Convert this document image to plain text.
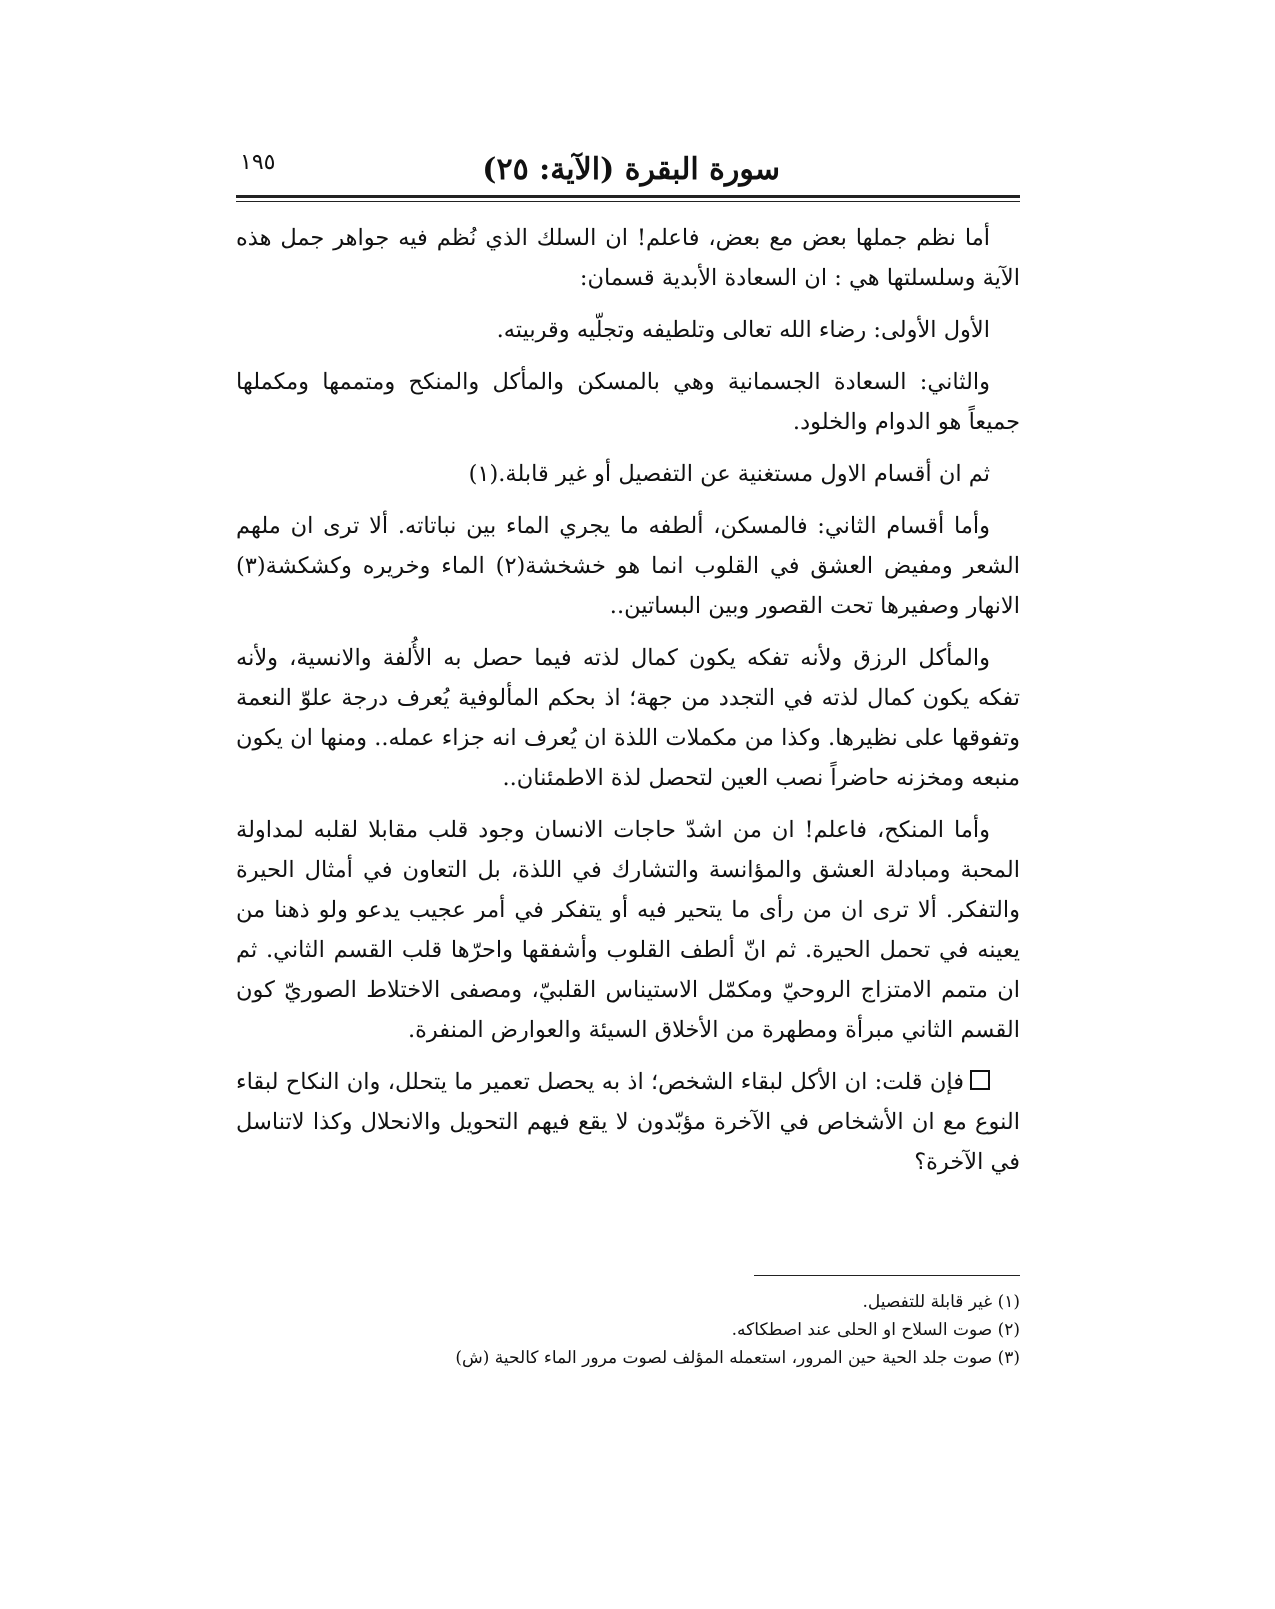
سورة البقرة (الآية: ٢٥)
١٩٥

أما نظم جملها بعض مع بعض، فاعلم! ان السلك الذي نُظم فيه جواهر جمل هذه الآية وسلسلتها هي : ان السعادة الأبدية قسمان:

الأول الأولى: رضاء الله تعالى وتلطيفه وتجلّيه وقربيته.

والثاني: السعادة الجسمانية وهي بالمسكن والمأكل والمنكح ومتممها ومكملها جميعاً هو الدوام والخلود.

ثم ان أقسام الاول مستغنية عن التفصيل أو غير قابلة.(١)

وأما أقسام الثاني: فالمسكن، ألطفه ما يجري الماء بين نباتاته. ألا ترى ان ملهم الشعر ومفيض العشق في القلوب انما هو خشخشة(٢) الماء وخريره وكشكشة(٣) الانهار وصفيرها تحت القصور وبين البساتين..

والمأكل الرزق ولأنه تفكه يكون كمال لذته فيما حصل به الأُلفة والانسية، ولأنه تفكه يكون كمال لذته في التجدد من جهة؛ اذ بحكم المألوفية يُعرف درجة علوّ النعمة وتفوقها على نظيرها. وكذا من مكملات اللذة ان يُعرف انه جزاء عمله.. ومنها ان يكون منبعه ومخزنه حاضراً نصب العين لتحصل لذة الاطمئنان..

وأما المنكح، فاعلم! ان من اشدّ حاجات الانسان وجود قلب مقابلا لقلبه لمداولة المحبة ومبادلة العشق والمؤانسة والتشارك في اللذة، بل التعاون في أمثال الحيرة والتفكر. ألا ترى ان من رأى ما يتحير فيه أو يتفكر في أمر عجيب يدعو ولو ذهنا من يعينه في تحمل الحيرة. ثم انّ ألطف القلوب وأشفقها واحرّها قلب القسم الثاني. ثم ان متمم الامتزاج الروحيّ ومكمّل الاستيناس القلبيّ، ومصفى الاختلاط الصوريّ كون القسم الثاني مبرأة ومطهرة من الأخلاق السيئة والعوارض المنفرة.

فإن قلت: ان الأكل لبقاء الشخص؛ اذ به يحصل تعمير ما يتحلل، وان النكاح لبقاء النوع مع ان الأشخاص في الآخرة مؤبّدون لا يقع فيهم التحويل والانحلال وكذا لاتناسل في الآخرة؟

(١) غير قابلة للتفصيل.
(٢) صوت السلاح او الحلى عند اصطكاكه.
(٣) صوت جلد الحية حين المرور، استعمله المؤلف لصوت مرور الماء كالحية (ش)
